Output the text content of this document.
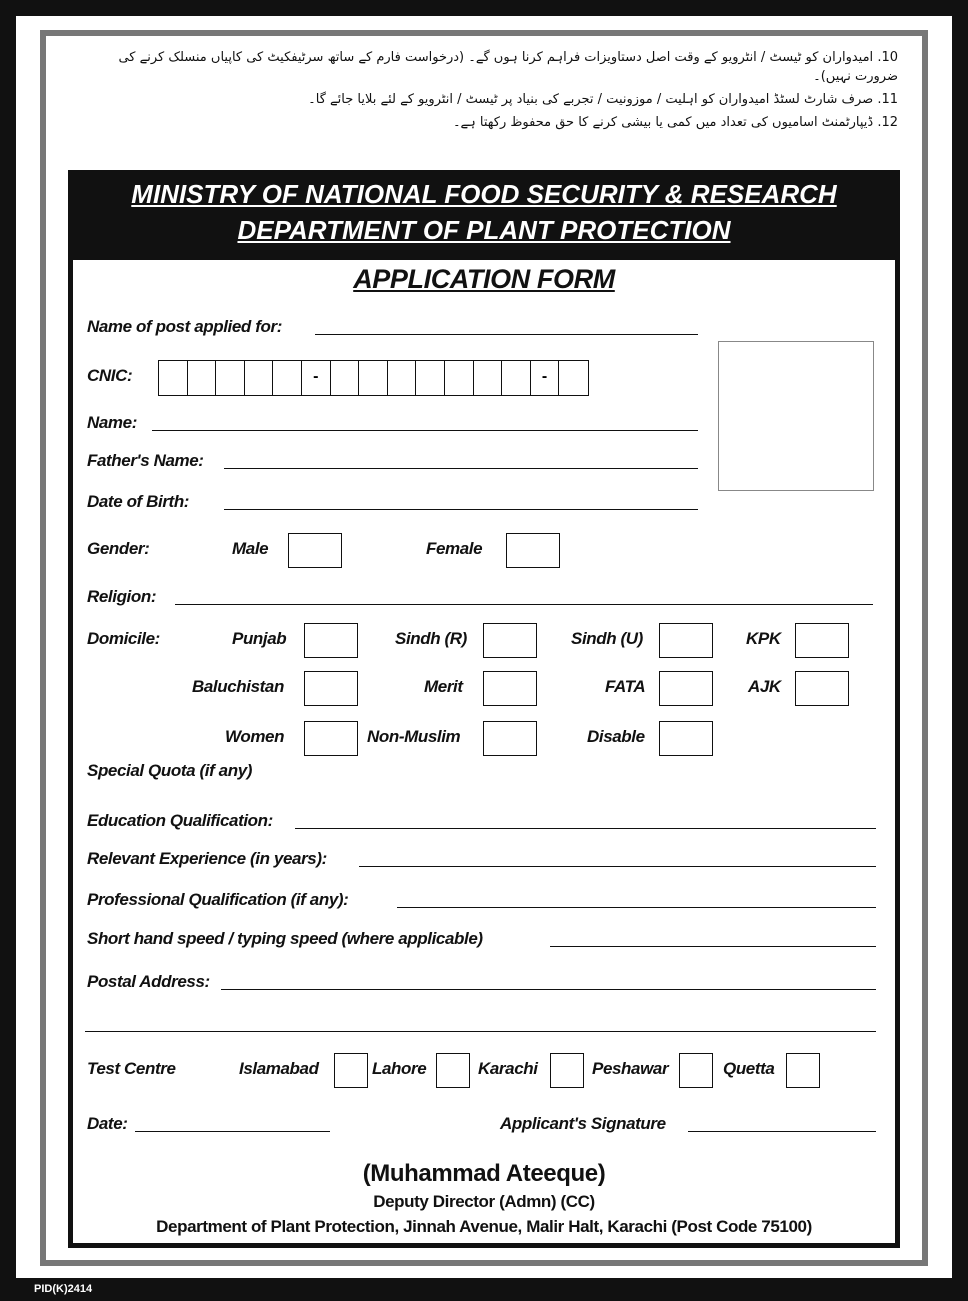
10. امیدواران کو ٹیسٹ / انٹرویو کے وقت اصل دستاویزات فراہم کرنا ہوں گے۔ (درخواست فارم کے ساتھ سرٹیفکیٹ کی کاپیاں منسلک کرنے کی ضرورت نہیں)۔
11. صرف شارٹ لسٹڈ امیدواران کو اہلیت / موزونیت / تجربے کی بنیاد پر ٹیسٹ / انٹرویو کے لئے بلایا جائے گا۔
12. ڈیپارٹمنٹ اسامیوں کی تعداد میں کمی یا بیشی کرنے کا حق محفوظ رکھتا ہے۔
MINISTRY OF NATIONAL FOOD SECURITY & RESEARCH
DEPARTMENT OF PLANT PROTECTION
APPLICATION FORM
Name of post applied for:
CNIC:	-	-
Name:
Father's Name:
Date of Birth:
Gender:	Male	Female
Religion:
Domicile:	Punjab	Sindh (R)	Sindh (U)	KPK
Baluchistan	Merit	FATA	AJK
Women	Non-Muslim	Disable
Special Quota (if any)
Education Qualification:
Relevant Experience (in years):
Professional Qualification (if any):
Short hand speed / typing speed (where applicable)
Postal Address:
Test Centre	Islamabad	Lahore	Karachi	Peshawar	Quetta
Date:	Applicant's Signature
(Muhammad Ateeque)
Deputy Director (Admn) (CC)
Department of Plant Protection, Jinnah Avenue, Malir Halt, Karachi (Post Code 75100)
PID(K)2414
